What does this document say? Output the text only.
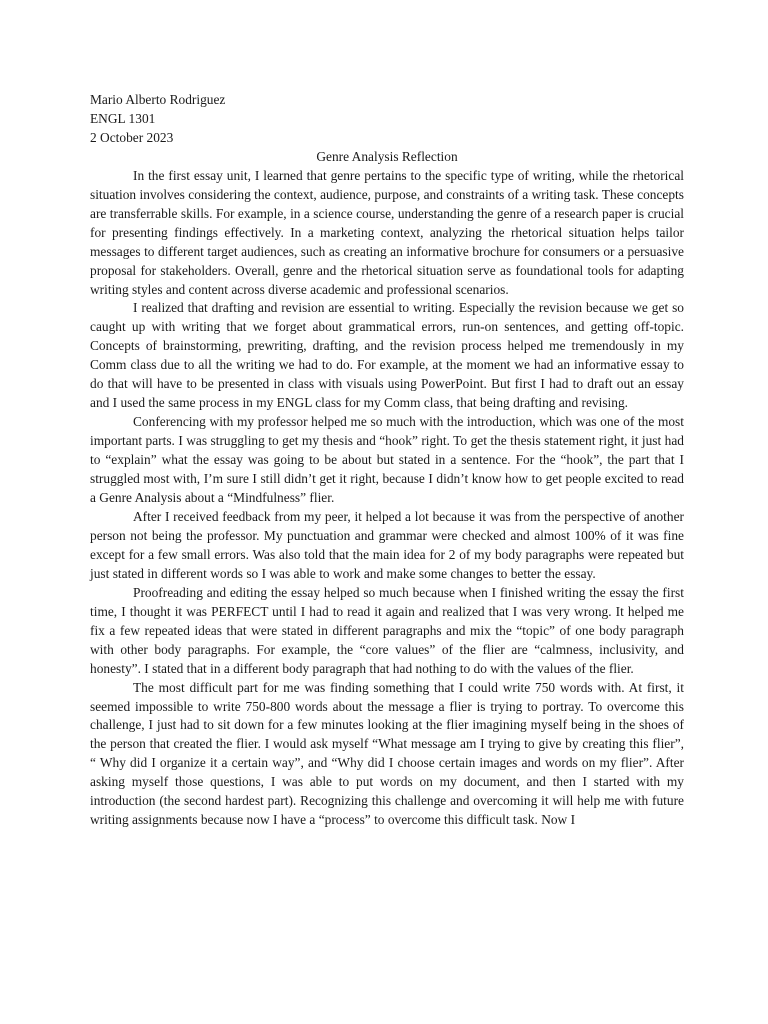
Mario Alberto Rodriguez
ENGL 1301
2 October 2023
Genre Analysis Reflection

In the first essay unit, I learned that genre pertains to the specific type of writing, while the rhetorical situation involves considering the context, audience, purpose, and constraints of a writing task. These concepts are transferrable skills. For example, in a science course, understanding the genre of a research paper is crucial for presenting findings effectively. In a marketing context, analyzing the rhetorical situation helps tailor messages to different target audiences, such as creating an informative brochure for consumers or a persuasive proposal for stakeholders. Overall, genre and the rhetorical situation serve as foundational tools for adapting writing styles and content across diverse academic and professional scenarios.

I realized that drafting and revision are essential to writing. Especially the revision because we get so caught up with writing that we forget about grammatical errors, run-on sentences, and getting off-topic. Concepts of brainstorming, prewriting, drafting, and the revision process helped me tremendously in my Comm class due to all the writing we had to do. For example, at the moment we had an informative essay to do that will have to be presented in class with visuals using PowerPoint. But first I had to draft out an essay and I used the same process in my ENGL class for my Comm class, that being drafting and revising.

Conferencing with my professor helped me so much with the introduction, which was one of the most important parts. I was struggling to get my thesis and “hook” right. To get the thesis statement right, it just had to “explain” what the essay was going to be about but stated in a sentence. For the “hook”, the part that I struggled most with, I’m sure I still didn’t get it right, because I didn’t know how to get people excited to read a Genre Analysis about a “Mindfulness” flier.

After I received feedback from my peer, it helped a lot because it was from the perspective of another person not being the professor. My punctuation and grammar were checked and almost 100% of it was fine except for a few small errors. Was also told that the main idea for 2 of my body paragraphs were repeated but just stated in different words so I was able to work and make some changes to better the essay.

Proofreading and editing the essay helped so much because when I finished writing the essay the first time, I thought it was PERFECT until I had to read it again and realized that I was very wrong. It helped me fix a few repeated ideas that were stated in different paragraphs and mix the “topic” of one body paragraph with other body paragraphs. For example, the “core values” of the flier are “calmness, inclusivity, and honesty”. I stated that in a different body paragraph that had nothing to do with the values of the flier.

The most difficult part for me was finding something that I could write 750 words with. At first, it seemed impossible to write 750-800 words about the message a flier is trying to portray. To overcome this challenge, I just had to sit down for a few minutes looking at the flier imagining myself being in the shoes of the person that created the flier. I would ask myself “What message am I trying to give by creating this flier”, “ Why did I organize it a certain way”, and “Why did I choose certain images and words on my flier”. After asking myself those questions, I was able to put words on my document, and then I started with my introduction (the second hardest part). Recognizing this challenge and overcoming it will help me with future writing assignments because now I have a “process” to overcome this difficult task. Now I
